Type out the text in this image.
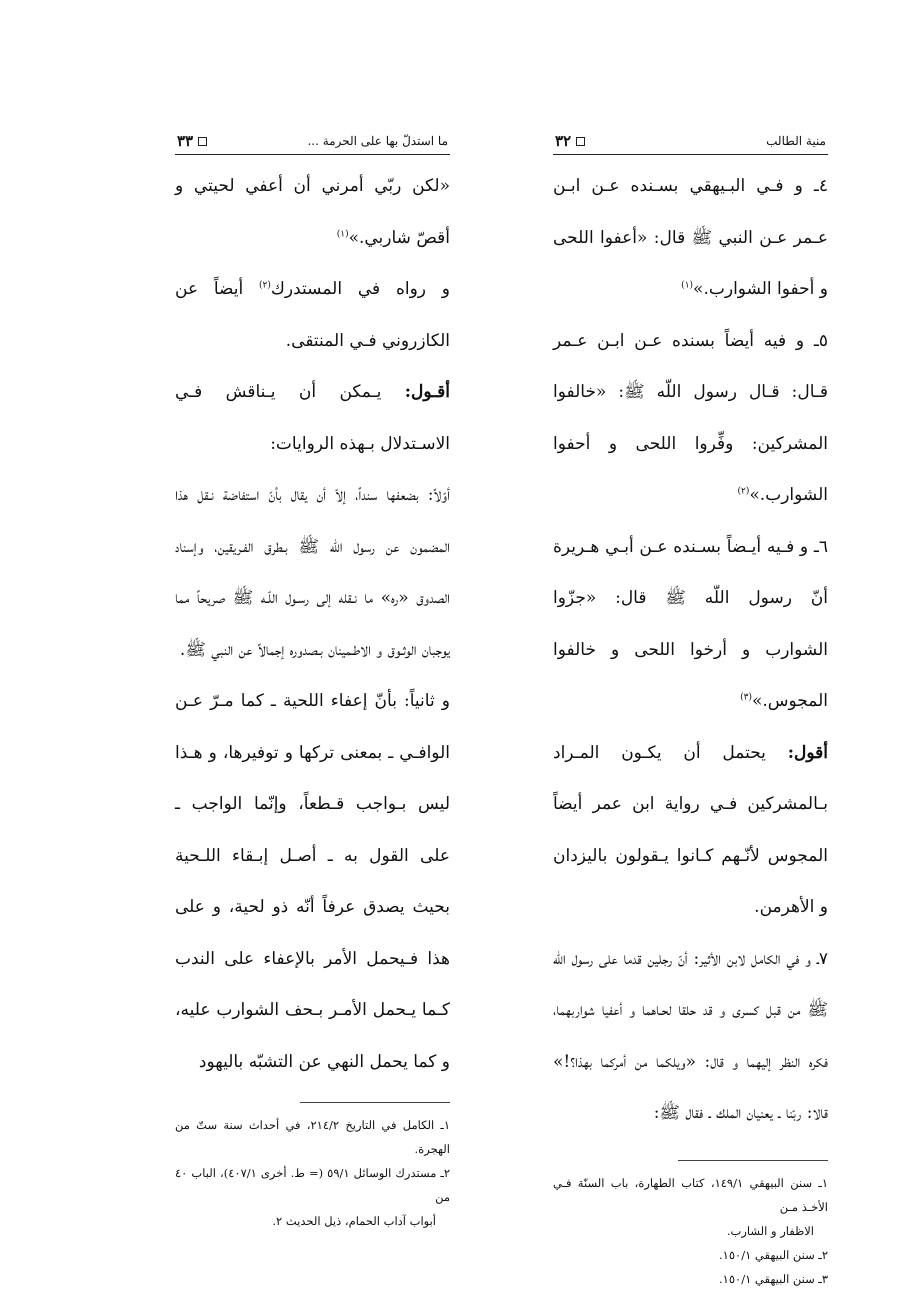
ما استدلّ بها على الحرمة ...
٣٣

«لكن ربّي أمرني أن أعفي لحيتي و أقصّ شاربي.»$^{(١)}$

و رواه في المستدرك$^{(٢)}$ أيضاً عن الكازروني فـي المنتقى.

أقـول: يـمكن أن يـناقش فـي الاسـتدلال بـهذه الروايات:

أوّلاً: بضعفها سنداً، إلاّ أن يقال بأنّ استفاضة نـقل هذا المضمون عن رسول اللّه ﷺ بـطرق الفـريقين، وإسناد الصدوق «ره» ما نـقله إلى رسـول اللّـه ﷺ صريحاً مما يوجبان الوثـوق و الاطـمينان بـصدوره إجمالاً عن النبي ﷺ.

و ثانياً: بأنّ إعفاء اللحية ـ كما مـرّ عـن الوافـي ـ بمعنى تركها و توفيرها، و هـذا ليس بـواجب قـطعاً، وإنّما الواجب ـ على القول به ـ أصـل إبـقاء اللـحية بحيث يصدق عرفاً أنّه ذو لحية، و على هذا فـيحمل الأمر بالإعفاء على الندب كـما يـحمل الأمـر بـحف الشوارب عليه، و كما يحمل النهي عن التشبّه باليهود

١ـ الكامل في التاريخ ٢١٤/٢، في أحداث سنة ستّ من الهجرة.

٢ـ مستدرك الوسائل ٥٩/١ (= ط. أخرى ٤٠٧/١)، الباب ٤٠ من

أبواب آداب الحمام، ذيل الحديث ٢.

منية الطالب
٣٢

٤ـ و فـي البـيهقي بسـنده عـن ابـن عـمر عـن النبي ﷺ قال: «أعفوا اللحى و أحفوا الشوارب.»$^{(١)}$

٥ـ و فيه أيضاً بسنده عـن ابـن عـمر قـال: قـال رسول اللّه ﷺ: «خالفوا المشركين: وفِّروا اللحى و أحفوا الشوارب.»$^{(٢)}$

٦ـ و فـيه أيـضاً بسـنده عـن أبـي هـريرة أنّ رسول اللّه ﷺ قال: «جزّوا الشوارب و أرخوا اللحى و خالفوا المجوس.»$^{(٣)}$

أقول: يحتمل أن يكـون المـراد بـالمشركين فـي رواية ابن عمر أيضاً المجوس لأنّـهم كـانوا يـقولون باليزدان و الأهرمن.

٧ـ و في الكامل لابن الأثير: أنّ رجلين قدما على رسول اللّه ﷺ من قبل كسرى و قد حلقا لحـاهما و أعفيا شواربهما، فكره النظر إليهما و قال: «ويلكما من أمركما بهذا؟!» قالا: ربّنا ـ يعنيان الملك ـ فقال ﷺ:

١ـ سنن البيهقي ١٤٩/١، كتاب الطهارة، باب السنّة فـي الأخـذ مـن

الاظفار و الشارب.

٢ـ سنن البيهقي ١٥٠/١.

٣ـ سنن البيهقي ١٥٠/١.
